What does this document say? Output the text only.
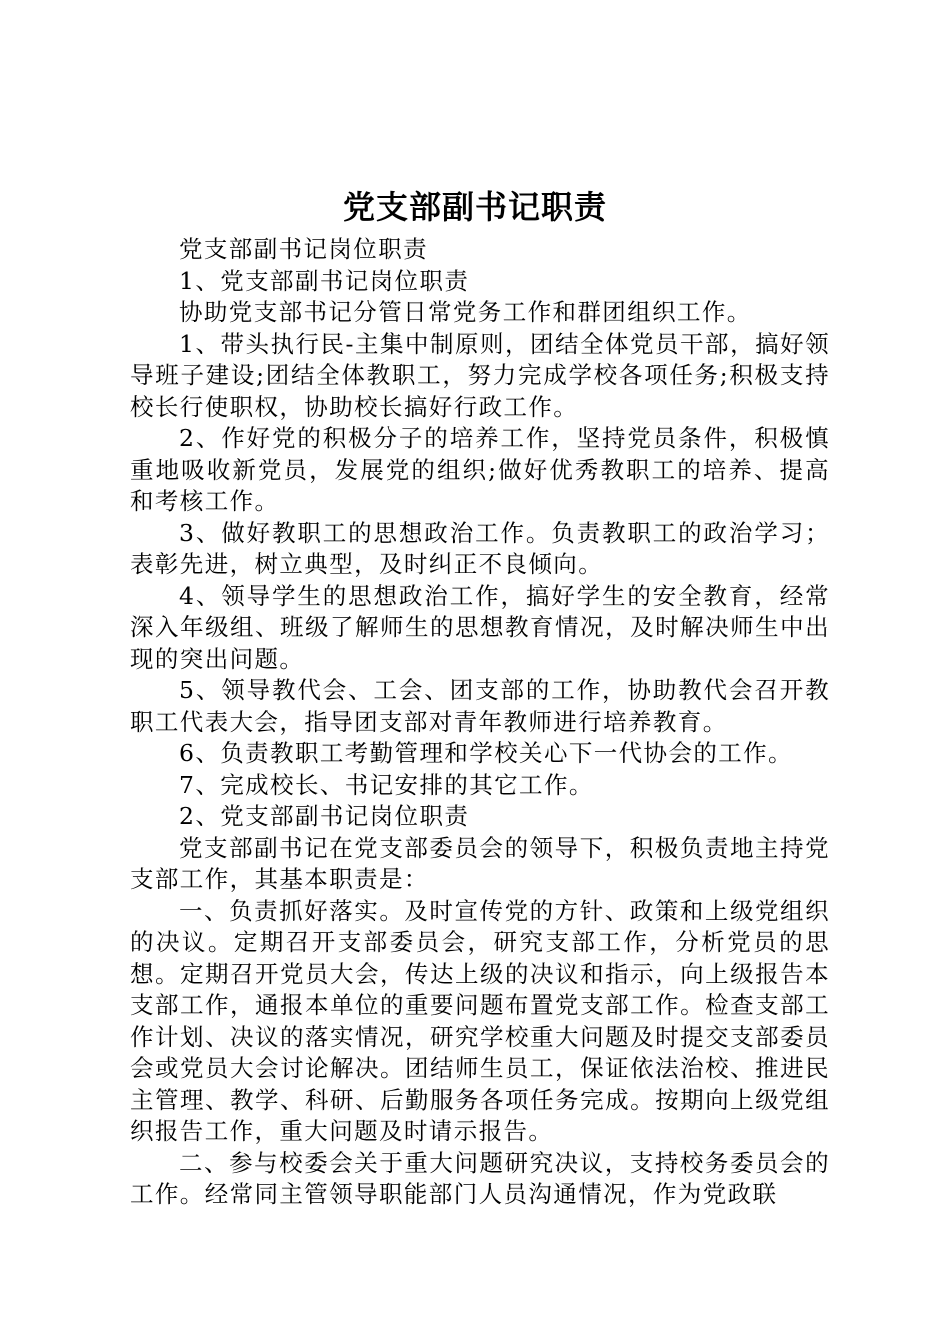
党支部副书记职责

党支部副书记岗位职责

1、党支部副书记岗位职责

协助党支部书记分管日常党务工作和群团组织工作。

1、带头执行民-主集中制原则，团结全体党员干部，搞好领导班子建设;团结全体教职工，努力完成学校各项任务;积极支持校长行使职权，协助校长搞好行政工作。

2、作好党的积极分子的培养工作，坚持党员条件，积极慎重地吸收新党员，发展党的组织;做好优秀教职工的培养、提高和考核工作。

3、做好教职工的思想政治工作。负责教职工的政治学习；表彰先进，树立典型，及时纠正不良倾向。

4、领导学生的思想政治工作，搞好学生的安全教育，经常深入年级组、班级了解师生的思想教育情况，及时解决师生中出现的突出问题。

5、领导教代会、工会、团支部的工作，协助教代会召开教职工代表大会，指导团支部对青年教师进行培养教育。

6、负责教职工考勤管理和学校关心下一代协会的工作。

7、完成校长、书记安排的其它工作。

2、党支部副书记岗位职责

党支部副书记在党支部委员会的领导下，积极负责地主持党支部工作，其基本职责是：

一、负责抓好落实。及时宣传党的方针、政策和上级党组织的决议。定期召开支部委员会，研究支部工作，分析党员的思想。定期召开党员大会，传达上级的决议和指示，向上级报告本支部工作，通报本单位的重要问题布置党支部工作。检查支部工作计划、决议的落实情况，研究学校重大问题及时提交支部委员会或党员大会讨论解决。团结师生员工，保证依法治校、推进民主管理、教学、科研、后勤服务各项任务完成。按期向上级党组织报告工作，重大问题及时请示报告。

二、参与校委会关于重大问题研究决议，支持校务委员会的工作。经常同主管领导职能部门人员沟通情况，作为党政联
